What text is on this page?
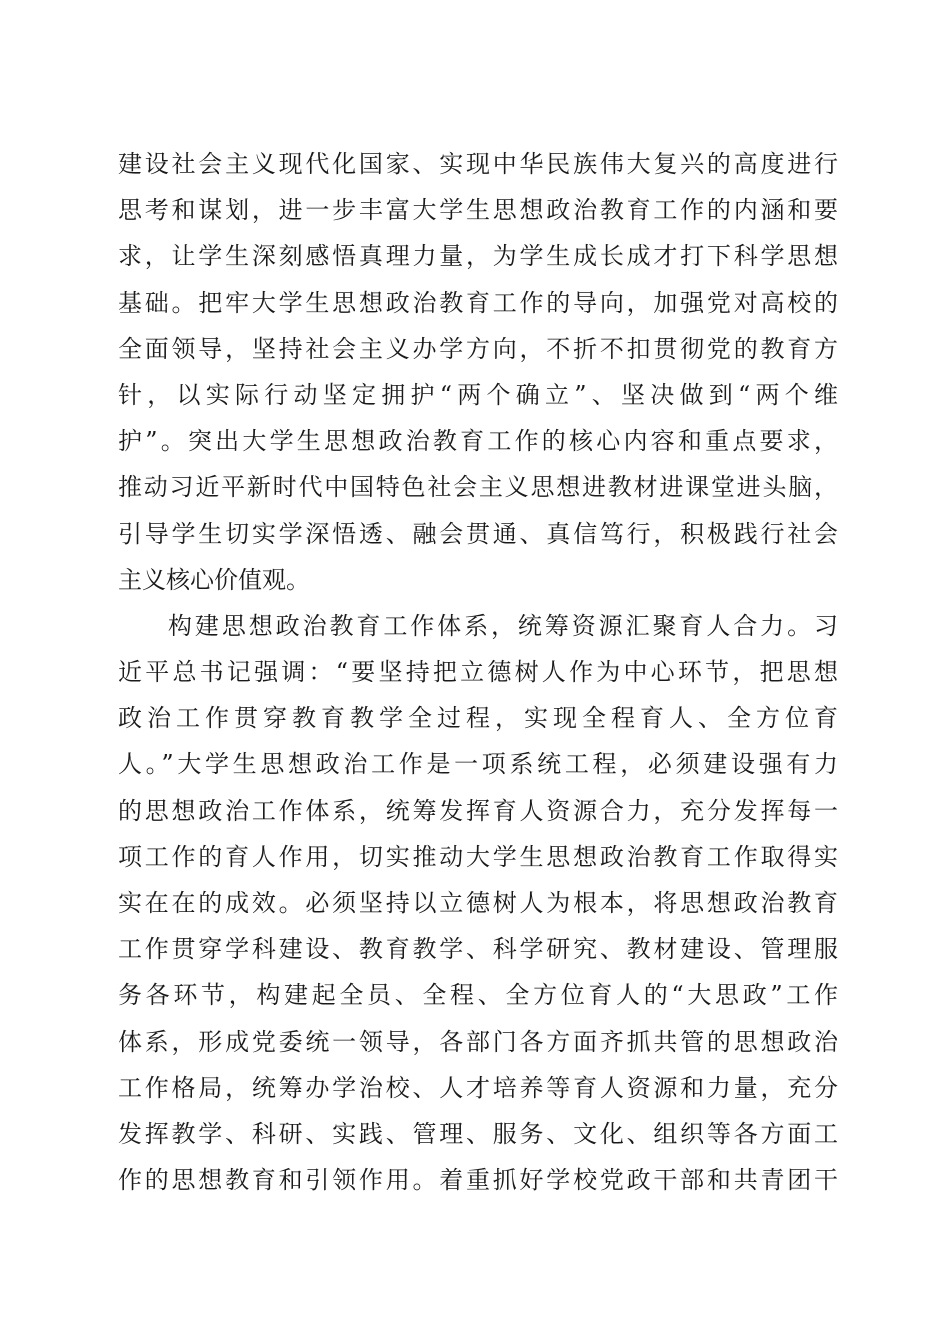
建设社会主义现代化国家、实现中华民族伟大复兴的高度进行
思考和谋划，进一步丰富大学生思想政治教育工作的内涵和要
求，让学生深刻感悟真理力量，为学生成长成才打下科学思想
基础。把牢大学生思想政治教育工作的导向，加强党对高校的
全面领导，坚持社会主义办学方向，不折不扣贯彻党的教育方
针，以实际行动坚定拥护“两个确立”、坚决做到“两个维
护”。突出大学生思想政治教育工作的核心内容和重点要求，
推动习近平新时代中国特色社会主义思想进教材进课堂进头脑，
引导学生切实学深悟透、融会贯通、真信笃行，积极践行社会
主义核心价值观。
构建思想政治教育工作体系，统筹资源汇聚育人合力。习
近平总书记强调：“要坚持把立德树人作为中心环节，把思想
政治工作贯穿教育教学全过程，实现全程育人、全方位育
人。”大学生思想政治工作是一项系统工程，必须建设强有力
的思想政治工作体系，统筹发挥育人资源合力，充分发挥每一
项工作的育人作用，切实推动大学生思想政治教育工作取得实
实在在的成效。必须坚持以立德树人为根本，将思想政治教育
工作贯穿学科建设、教育教学、科学研究、教材建设、管理服
务各环节，构建起全员、全程、全方位育人的“大思政”工作
体系，形成党委统一领导，各部门各方面齐抓共管的思想政治
工作格局，统筹办学治校、人才培养等育人资源和力量，充分
发挥教学、科研、实践、管理、服务、文化、组织等各方面工
作的思想教育和引领作用。着重抓好学校党政干部和共青团干
